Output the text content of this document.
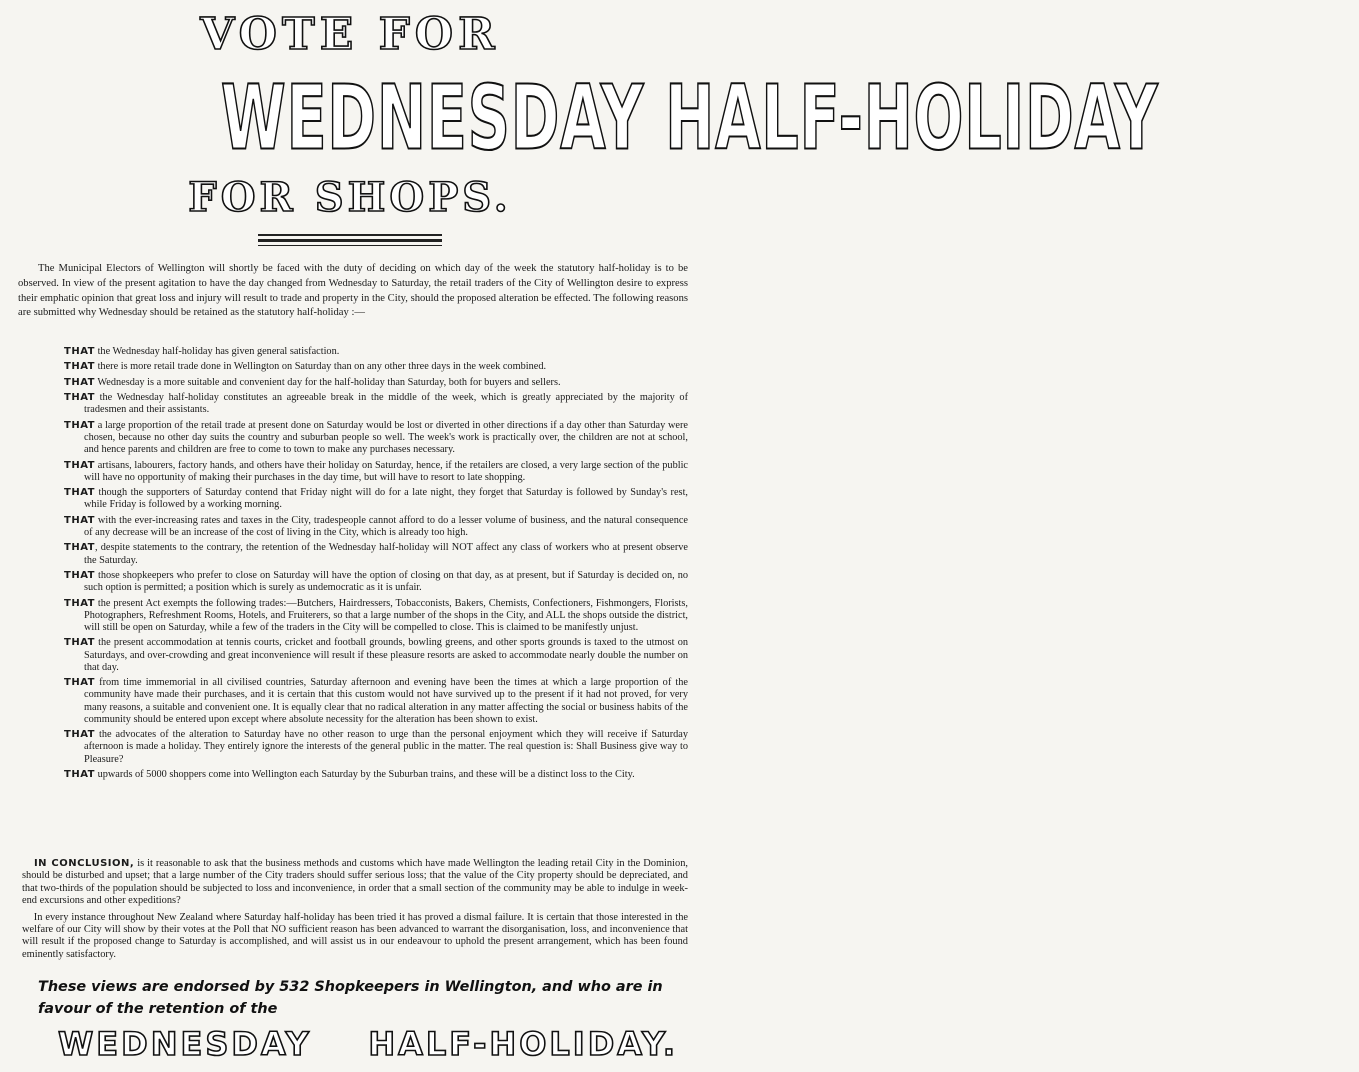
VOTE FOR
WEDNESDAY HALF-HOLIDAY
FOR SHOPS.
The Municipal Electors of Wellington will shortly be faced with the duty of deciding on which day of the week the statutory half-holiday is to be observed. In view of the present agitation to have the day changed from Wednesday to Saturday, the retail traders of the City of Wellington desire to express their emphatic opinion that great loss and injury will result to trade and property in the City, should the proposed alteration be effected. The following reasons are submitted why Wednesday should be retained as the statutory half-holiday :—

THAT the Wednesday half-holiday has given general satisfaction.

THAT there is more retail trade done in Wellington on Saturday than on any other three days in the week combined.

THAT Wednesday is a more suitable and convenient day for the half-holiday than Saturday, both for buyers and sellers.

THAT the Wednesday half-holiday constitutes an agreeable break in the middle of the week, which is greatly appreciated by the majority of tradesmen and their assistants.

THAT a large proportion of the retail trade at present done on Saturday would be lost or diverted in other directions if a day other than Saturday were chosen, because no other day suits the country and suburban people so well. The week's work is practically over, the children are not at school, and hence parents and children are free to come to town to make any purchases necessary.

THAT artisans, labourers, factory hands, and others have their holiday on Saturday, hence, if the retailers are closed, a very large section of the public will have no opportunity of making their purchases in the day time, but will have to resort to late shopping.

THAT though the supporters of Saturday contend that Friday night will do for a late night, they forget that Saturday is followed by Sunday's rest, while Friday is followed by a working morning.

THAT with the ever-increasing rates and taxes in the City, tradespeople cannot afford to do a lesser volume of business, and the natural consequence of any decrease will be an increase of the cost of living in the City, which is already too high.

THAT, despite statements to the contrary, the retention of the Wednesday half-holiday will NOT affect any class of workers who at present observe the Saturday.

THAT those shopkeepers who prefer to close on Saturday will have the option of closing on that day, as at present, but if Saturday is decided on, no such option is permitted; a position which is surely as undemocratic as it is unfair.

THAT the present Act exempts the following trades:—Butchers, Hairdressers, Tobacconists, Bakers, Chemists, Confectioners, Fishmongers, Florists, Photographers, Refreshment Rooms, Hotels, and Fruiterers, so that a large number of the shops in the City, and ALL the shops outside the district, will still be open on Saturday, while a few of the traders in the City will be compelled to close. This is claimed to be manifestly unjust.

THAT the present accommodation at tennis courts, cricket and football grounds, bowling greens, and other sports grounds is taxed to the utmost on Saturdays, and over-crowding and great inconvenience will result if these pleasure resorts are asked to accommodate nearly double the number on that day.

THAT from time immemorial in all civilised countries, Saturday afternoon and evening have been the times at which a large proportion of the community have made their purchases, and it is certain that this custom would not have survived up to the present if it had not proved, for very many reasons, a suitable and convenient one. It is equally clear that no radical alteration in any matter affecting the social or business habits of the community should be entered upon except where absolute necessity for the alteration has been shown to exist.

THAT the advocates of the alteration to Saturday have no other reason to urge than the personal enjoyment which they will receive if Saturday afternoon is made a holiday. They entirely ignore the interests of the general public in the matter. The real question is: Shall Business give way to Pleasure?

THAT upwards of 5000 shoppers come into Wellington each Saturday by the Suburban trains, and these will be a distinct loss to the City.

IN CONCLUSION, is it reasonable to ask that the business methods and customs which have made Wellington the leading retail City in the Dominion, should be disturbed and upset; that a large number of the City traders should suffer serious loss; that the value of the City property should be depreciated, and that two-thirds of the population should be subjected to loss and inconvenience, in order that a small section of the community may be able to indulge in week-end excursions and other expeditions?

In every instance throughout New Zealand where Saturday half-holiday has been tried it has proved a dismal failure. It is certain that those interested in the welfare of our City will show by their votes at the Poll that NO sufficient reason has been advanced to warrant the disorganisation, loss, and inconvenience that will result if the proposed change to Saturday is accomplished, and will assist us in our endeavour to uphold the present arrangement, which has been found eminently satisfactory.

These views are endorsed by 532 Shopkeepers in Wellington, and who are in favour of the retention of the
WEDNESDAY HALF-HOLIDAY.
